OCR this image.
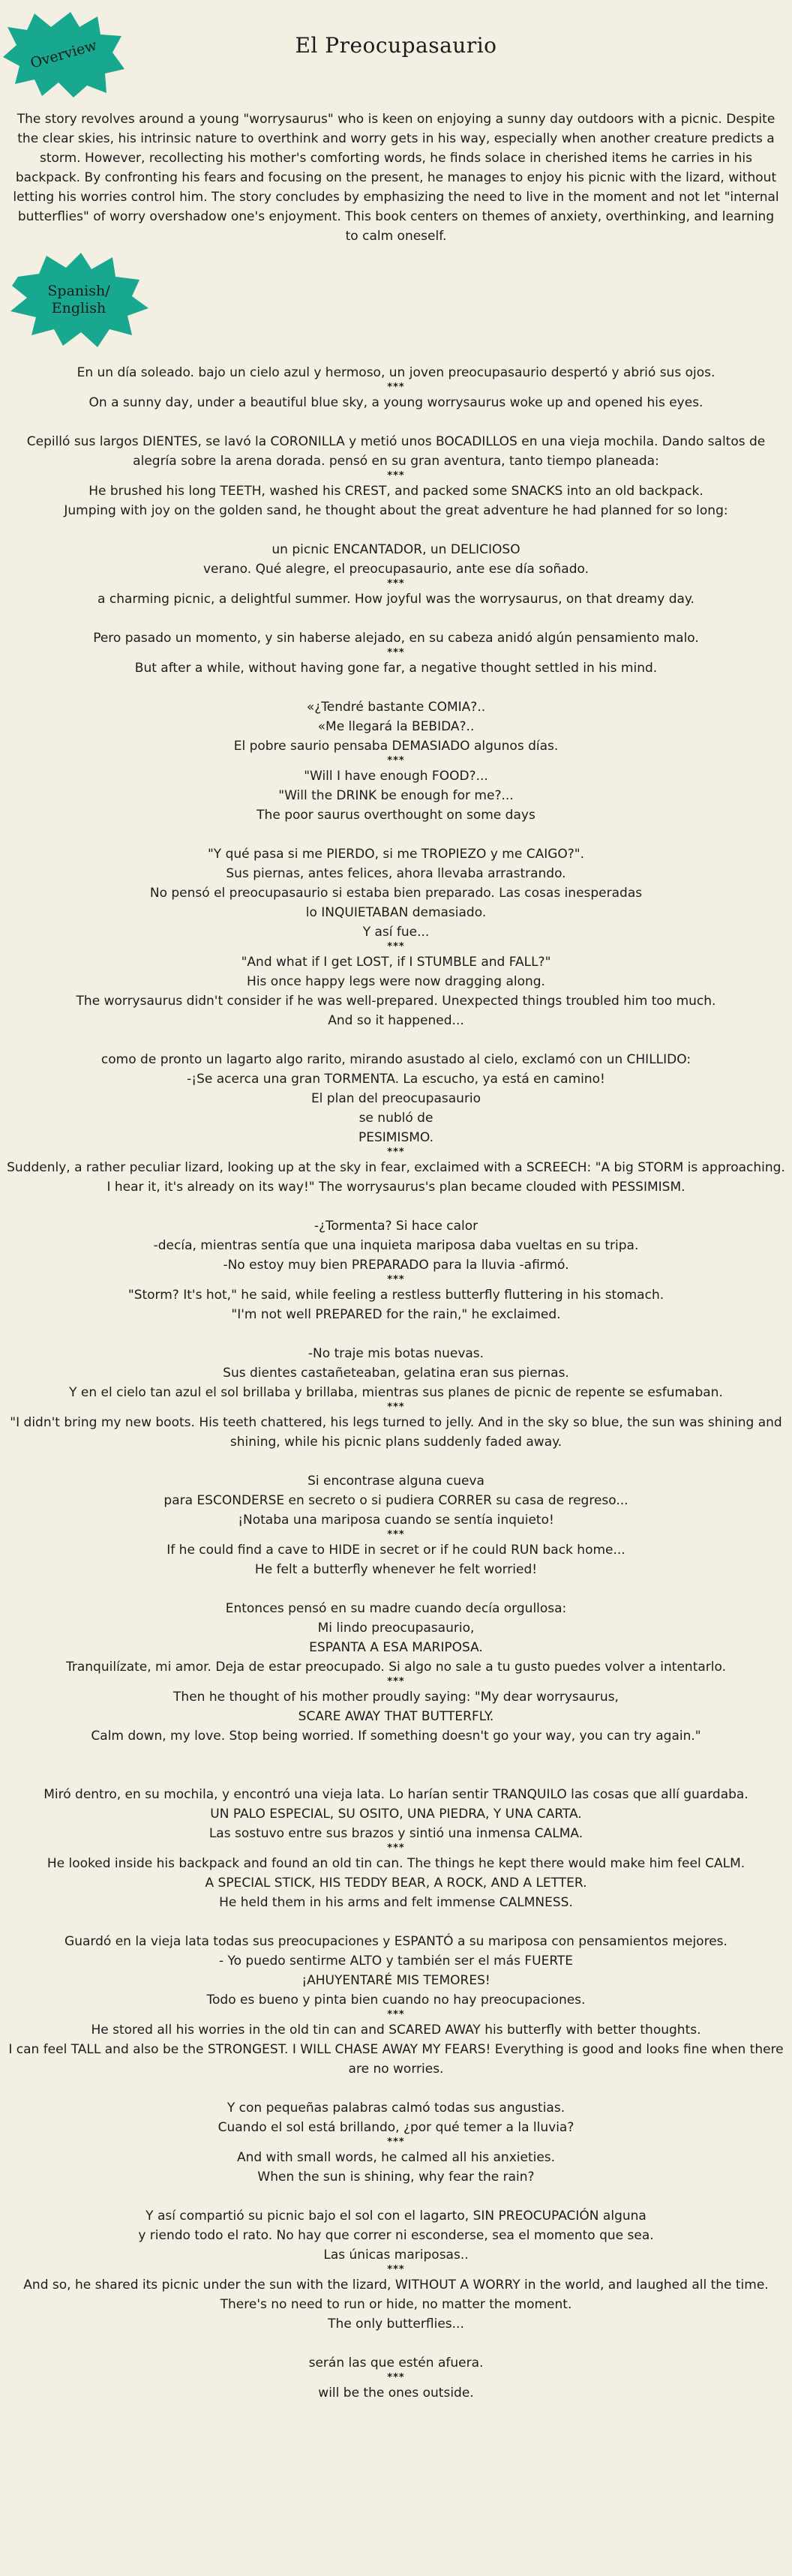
Overview	El Preocupasaurio

The story revolves around a young "worrysaurus" who is keen on enjoying a sunny day outdoors with a picnic. Despite the clear skies, his intrinsic nature to overthink and worry gets in his way, especially when another creature predicts a storm. However, recollecting his mother's comforting words, he finds solace in cherished items he carries in his backpack. By confronting his fears and focusing on the present, he manages to enjoy his picnic with the lizard, without letting his worries control him. The story concludes by emphasizing the need to live in the moment and not let "internal butterflies" of worry overshadow one's enjoyment. This book centers on themes of anxiety, overthinking, and learning to calm oneself.

Spanish/
English
En un día soleado. bajo un cielo azul y hermoso, un joven preocupasaurio despertó y abrió sus ojos.
***
On a sunny day, under a beautiful blue sky, a young worrysaurus woke up and opened his eyes.
Cepilló sus largos DIENTES, se lavó la CORONILLA y metió unos BOCADILLOS en una vieja mochila. Dando saltos de alegría sobre la arena dorada. pensó en su gran aventura, tanto tiempo planeada:
***
He brushed his long TEETH, washed his CREST, and packed some SNACKS into an old backpack.
Jumping with joy on the golden sand, he thought about the great adventure he had planned for so long:
un picnic ENCANTADOR, un DELICIOSO
verano. Qué alegre, el preocupasaurio, ante ese día soñado.
***
a charming picnic, a delightful summer. How joyful was the worrysaurus, on that dreamy day.
Pero pasado un momento, y sin haberse alejado, en su cabeza anidó algún pensamiento malo.
***
But after a while, without having gone far, a negative thought settled in his mind.
«¿Tendré bastante COMIA?..
«Me llegará la BEBIDA?..
El pobre saurio pensaba DEMASIADO algunos días.
***
"Will I have enough FOOD?...
"Will the DRINK be enough for me?...
The poor saurus overthought on some days
"Y qué pasa si me PIERDO, si me TROPIEZO y me CAIGO?".
Sus piernas, antes felices, ahora llevaba arrastrando.
No pensó el preocupasaurio si estaba bien preparado. Las cosas inesperadas
lo INQUIETABAN demasiado.
Y así fue...
***
"And what if I get LOST, if I STUMBLE and FALL?"
His once happy legs were now dragging along.
The worrysaurus didn't consider if he was well-prepared. Unexpected things troubled him too much.
And so it happened...
como de pronto un lagarto algo rarito, mirando asustado al cielo, exclamó con un CHILLIDO:
-¡Se acerca una gran TORMENTA. La escucho, ya está en camino!
El plan del preocupasaurio
se nubló de
PESIMISMO.
***
Suddenly, a rather peculiar lizard, looking up at the sky in fear, exclaimed with a SCREECH: "A big STORM is approaching. I hear it, it's already on its way!" The worrysaurus's plan became clouded with PESSIMISM.
-¿Tormenta? Si hace calor
-decía, mientras sentía que una inquieta mariposa daba vueltas en su tripa.
-No estoy muy bien PREPARADO para la lluvia -afirmó.
***
"Storm? It's hot," he said, while feeling a restless butterfly fluttering in his stomach.
"I'm not well PREPARED for the rain," he exclaimed.
-No traje mis botas nuevas.
Sus dientes castañeteaban, gelatina eran sus piernas.
Y en el cielo tan azul el sol brillaba y brillaba, mientras sus planes de picnic de repente se esfumaban.
***
"I didn't bring my new boots. His teeth chattered, his legs turned to jelly. And in the sky so blue, the sun was shining and shining, while his picnic plans suddenly faded away.
Si encontrase alguna cueva
para ESCONDERSE en secreto o si pudiera CORRER su casa de regreso...
¡Notaba una mariposa cuando se sentía inquieto!
***
If he could find a cave to HIDE in secret or if he could RUN back home...
He felt a butterfly whenever he felt worried!
Entonces pensó en su madre cuando decía orgullosa:
Mi lindo preocupasaurio,
ESPANTA A ESA MARIPOSA.
Tranquilízate, mi amor. Deja de estar preocupado. Si algo no sale a tu gusto puedes volver a intentarlo.
***
Then he thought of his mother proudly saying: "My dear worrysaurus,
SCARE AWAY THAT BUTTERFLY.
Calm down, my love. Stop being worried. If something doesn't go your way, you can try again."
Miró dentro, en su mochila, y encontró una vieja lata. Lo harían sentir TRANQUILO las cosas que allí guardaba.
UN PALO ESPECIAL, SU OSITO, UNA PIEDRA, Y UNA CARTA.
Las sostuvo entre sus brazos y sintió una inmensa CALMA.
***
He looked inside his backpack and found an old tin can. The things he kept there would make him feel CALM.
A SPECIAL STICK, HIS TEDDY BEAR, A ROCK, AND A LETTER.
He held them in his arms and felt immense CALMNESS.
Guardó en la vieja lata todas sus preocupaciones y ESPANTÓ a su mariposa con pensamientos mejores.
- Yo puedo sentirme ALTO y también ser el más FUERTE
¡AHUYENTARÉ MIS TEMORES!
Todo es bueno y pinta bien cuando no hay preocupaciones.
***
He stored all his worries in the old tin can and SCARED AWAY his butterfly with better thoughts.
I can feel TALL and also be the STRONGEST. I WILL CHASE AWAY MY FEARS! Everything is good and looks fine when there are no worries.
Y con pequeñas palabras calmó todas sus angustias.
Cuando el sol está brillando, ¿por qué temer a la lluvia?
***
And with small words, he calmed all his anxieties.
When the sun is shining, why fear the rain?
Y así compartió su picnic bajo el sol con el lagarto, SIN PREOCUPACIÓN alguna
y riendo todo el rato. No hay que correr ni esconderse, sea el momento que sea.
Las únicas mariposas..
***
And so, he shared its picnic under the sun with the lizard, WITHOUT A WORRY in the world, and laughed all the time.
There's no need to run or hide, no matter the moment.
The only butterflies...
serán las que estén afuera.
***
will be the ones outside.
